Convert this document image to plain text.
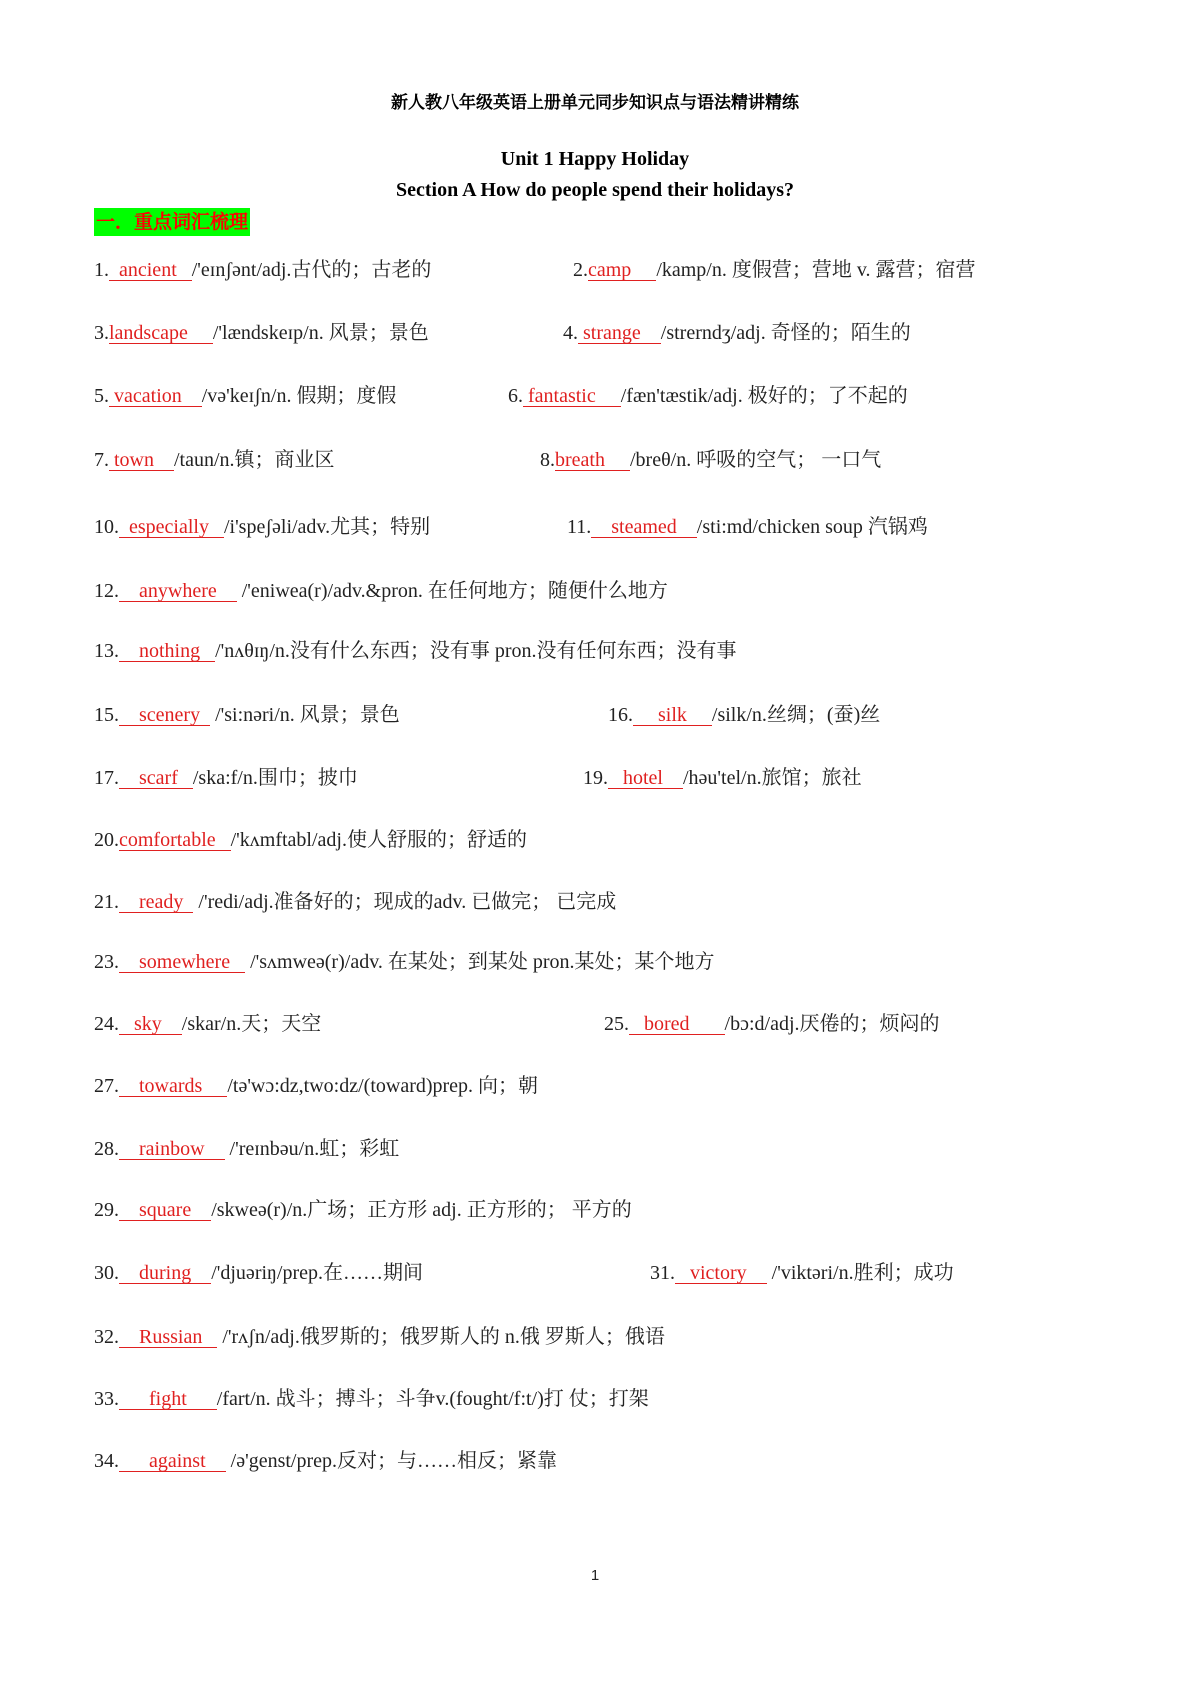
新人教八年级英语上册单元同步知识点与语法精讲精练
Unit 1 Happy Holiday
Section A How do people spend their holidays?
一．重点词汇梳理
1. ancient /'eɪnʃənt/adj.古代的；古老的	2.camp /kamp/n. 度假营；营地 v. 露营；宿营
3.landscape /'lændskeɪp/n. 风景；景色	4. strange /strerndʒ/adj. 奇怪的；陌生的
5. vacation /və'keɪʃn/n. 假期；度假	6. fantastic /fæn'tæstik/adj. 极好的；了不起的
7. town /taun/n.镇；商业区	8.breath /breθ/n. 呼吸的空气； 一口气
10. especially /i'speʃəli/adv.尤其；特别	11. steamed /sti:md/chicken soup 汽锅鸡
12. anywhere     /'eniwea(r)/adv.&pron. 在任何地方；随便什么地方
13. nothing /'nʌθɪŋ/n.没有什么东西；没有事 pron.没有任何东西；没有事
15. scenery   /'si:nəri/n. 风景；景色	16. silk /silk/n.丝绸；(蚕)丝
17. scarf /ska:f/n.围巾；披巾	19. hotel /həu'tel/n.旅馆；旅社
20.comfortable /'kʌmftabl/adj.使人舒服的；舒适的
21. ready   /'redi/adj.准备好的；现成的adv. 已做完； 已完成
23. somewhere    /'sʌmweə(r)/adv. 在某处；到某处 pron.某处；某个地方
24. sky /skar/n.天；天空	25. bored /bɔ:d/adj.厌倦的；烦闷的
27. towards /tə'wɔ:dz,two:dz/(toward)prep. 向；朝
28. rainbow     /'reɪnbəu/n.虹；彩虹
29. square /skweə(r)/n.广场；正方形 adj. 正方形的； 平方的
30. during /'djuəriŋ/prep.在……期间	31. victory     /'viktəri/n.胜利；成功
32. Russian    /'rʌʃn/adj.俄罗斯的；俄罗斯人的 n.俄 罗斯人；俄语
33. fight /fart/n. 战斗；搏斗；斗争v.(fought/f:t/)打 仗；打架
34. against     /ə'genst/prep.反对；与……相反；紧靠
1
